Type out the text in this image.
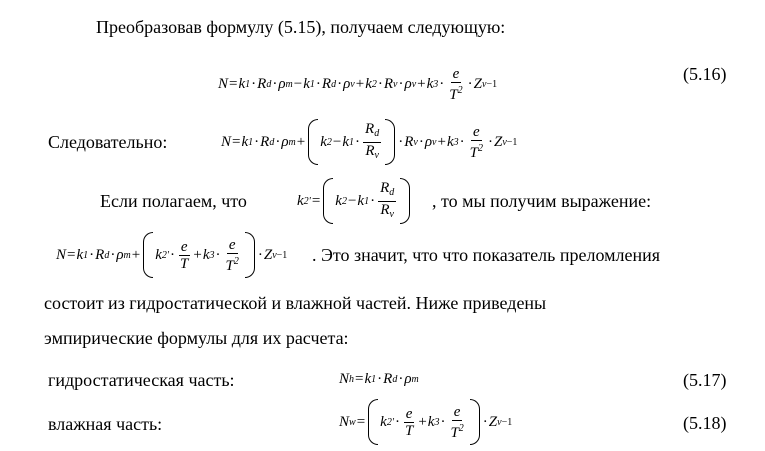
Преобразовав формулу (5.15), получаем следующую:
N = k 1 · R d · ρ m − k 1 · R d · ρ v + k 2 · R v · ρ v + k $3 \cdot \frac{e}{T^2} \cdot Z$ v −1	(5.16)
Следовательно:	N = k 1 · R d · ρ m + k 2 − k $1 \cdot \frac{R_d}{R_v} \cdot R$ v · ρ v + k $3 \cdot \frac{e}{T^2} \cdot Z$ v −1
Если полагаем, что	k 2 ' = k 2 − k $1 \cdot \frac{R_d}{R_v}$ , то мы получим выражение:
N = k 1 · R d · ρ m + k 2 ' · $\frac{e}{T} + k$ $3 \cdot \frac{e}{T^2} \cdot Z$ v −1 . Это значит, что что показатель преломления
состоит из гидростатической и влажной частей. Ниже приведены
эмпирические формулы для их расчета:
гидростатическая часть:	N h = k 1 · R d · ρ m	(5.17)
влажная часть:	N w = k 2 ' · $\frac{e}{T} + k$ $3 \cdot \frac{e}{T^2} \cdot Z$ v −1	(5.18)
